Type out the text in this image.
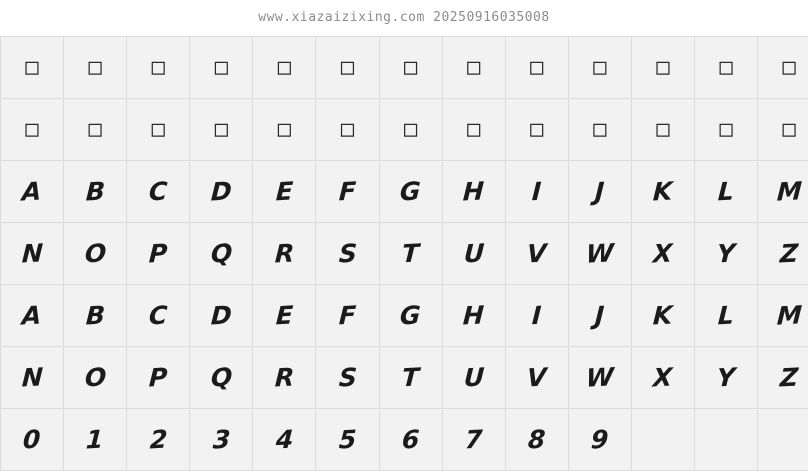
www.xiazaizixing.com 20250916035008
□	□	□	□	□	□	□	□	□	□	□	□	□
□	□	□	□	□	□	□	□	□	□	□	□	□
A	B	C	D	E	F	G	H	I	J	K	L	M
N	O	P	Q	R	S	T	U	V	W	X	Y	Z
A	B	C	D	E	F	G	H	I	J	K	L	M
N	O	P	Q	R	S	T	U	V	W	X	Y	Z
0	1	2	3	4	5	6	7	8	9			
